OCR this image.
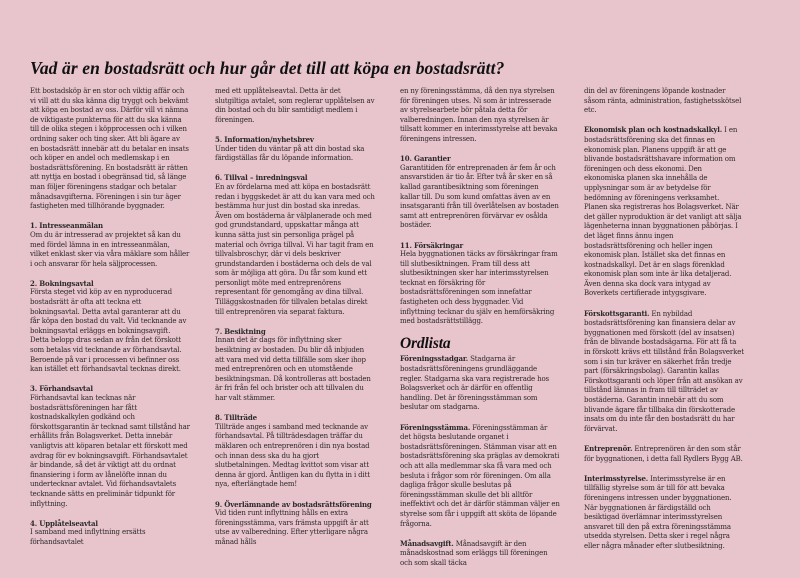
Vad är en bostadsrätt och hur går det till att köpa en bostadsrätt?

Ett bostadsköp är en stor och viktig affär och vi vill att du ska känna dig tryggt och bekvämt att köpa en bostad av oss. Därför vill vi nämna de viktigaste punkterna för att du ska känna till de olika stegen i köpprocessen och i vilken ordning saker och ting sker. Att bli ägare av en bostadsrätt innebär att du betalar en insats och köper en andel och medlemskap i en bostadsrättsförening. En bostadsrätt är rätten att nyttja en bostad i obegränsad tid, så länge man följer föreningens stadgar och betalar månadsavgifterna. Föreningen i sin tur äger fastigheten med tillhörande byggnader.

1. Intresseanmälan

Om du är intresserad av projektet så kan du med fördel lämna in en intresseanmälan, vilket enklast sker via våra mäklare som håller i och ansvarar för hela säljprocessen.

2. Bokningsavtal

Första steget vid köp av en nyproducerad bostadsrätt är ofta att teckna ett bokningsavtal. Detta avtal garanterar att du får köpa den bostad du valt. Vid tecknande av bokningsavtal erläggs en bokningsavgift. Detta belopp dras sedan av från det förskott som betalas vid tecknande av förhandsavtal. Beroende på var i processen vi befinner oss kan istället ett förhandsavtal tecknas direkt.

3. Förhandsavtal

Förhandsavtal kan tecknas när bostadsrättsföreningen har fått kostnadskalkylen godkänd och förskottsgarantin är tecknad samt tillstånd har erhållits från Bolagsverket. Detta innebär vanligtvis att köparen betalar ett förskott med avdrag för ev bokningsavgift. Förhandsavtalet är bindande, så det är viktigt att du ordnat finansiering i form av lånelöfte innan du undertecknar avtalet. Vid förhandsavtalets tecknande sätts en preliminär tidpunkt för inflyttning.

4. Upplåtelseavtal

I samband med inflyttning ersätts förhandsavtalet

med ett upplåtelseavtal. Detta är det slutgiltiga avtalet, som reglerar upplåtelsen av din bostad och du blir samtidigt medlem i föreningen.

5. Information/nyhetsbrev

Under tiden du väntar på att din bostad ska färdigställas får du löpande information.

6. Tillval – inredningsval

En av fördelarna med att köpa en bostadsrätt redan i byggskedet är att du kan vara med och bestämma hur just din bostad ska inredas. Även om bostäderna är välplanerade och med god grundstandard, uppskattar många att kunna sätta just sin personliga prägel på material och övriga tillval. Vi har tagit fram en tillvalsbroschyr, där vi dels beskriver grundstandarden i bostäderna och dels de val som är möjliga att göra. Du får som kund ett personligt möte med entreprenörens representant för genomgång av dina tillval. Tilläggskostnaden för tillvalen betalas direkt till entreprenören via separat faktura.

7. Besiktning

Innan det är dags för inflyttning sker besiktning av bostaden. Du blir då inbjuden att vara med vid detta tillfälle som sker ihop med entreprenören och en utomstående besiktningsman. Då kontrolleras att bostaden är fri från fel och brister och att tillvalen du har valt stämmer.

8. Tillträde

Tillträde anges i samband med tecknande av förhandsavtal. På tillträdesdagen träffar du mäklaren och entreprenören i din nya bostad och innan dess ska du ha gjort slutbetalningen. Medtag kvittot som visar att denna är gjord. Äntligen kan du flytta in i ditt nya, efterlängtade hem!

9. Överlämnande av bostadsrättsförening

Vid tiden runt inflyttning hålls en extra föreningsstämma, vars främsta uppgift är att utse av valberedning. Efter ytterligare några månad hålls

en ny föreningsstämma, då den nya styrelsen för föreningen utses. Ni som är intresserade av styrelsearbete bör påtala detta för valberedningen. Innan den nya styrelsen är tillsatt kommer en interimsstyrelse att bevaka föreningens intressen.

10. Garantier

Garantitiden för entreprenaden är fem år och ansvarstiden är tio år. Efter två år sker en så kallad garantibesiktning som föreningen kallar till. Du som kund omfattas även av en insatsgaranti från till överlåtelsen av bostaden samt att entreprenören förvärvar ev osålda bostäder.

11. Försäkringar

Hela byggnationen täcks av försäkringar fram till slutbesiktningen. Fram till dess att slutbesiktningen sker har interimsstyrelsen tecknat en försäkring för bostadsrättsföreningen som innefattar fastigheten och dess byggnader. Vid inflyttning tecknar du själv en hemförsäkring med bostadsrättstillägg.

Ordlista

Föreningsstadgar. Stadgarna är bostadsrättsföreningens grundläggande regler. Stadgarna ska vara registrerade hos Bolagsverket och är därför en offentlig handling. Det är föreningsstämman som beslutar om stadgarna.

Föreningsstämma. Föreningsstämman är det högsta beslutande organet i bostadsrättsföreningen. Stämman visar att en bostadsrättsförening ska präglas av demokrati och att alla medlemmar ska få vara med och besluta i frågor som rör föreningen. Om alla dagliga frågor skulle beslutas på föreningsstämman skulle det bli alltför ineffektivt och det är därför stämman väljer en styrelse som får i uppgift att sköta de löpande frågorna.

Månadsavgift. Månadsavgift är den månadskostnad som erläggs till föreningen och som skall täcka

din del av föreningens löpande kostnader såsom ränta, administration, fastighetsskötsel etc.

Ekonomisk plan och kostnadskalkyl. I en bostadsrättsförening ska det finnas en ekonomisk plan. Planens uppgift är att ge blivande bostadsrättshavare information om föreningen och dess ekonomi. Den ekonomiska planen ska innehålla de upplysningar som är av betydelse för bedömning av föreningens verksamhet. Planen ska registreras hos Bolagsverket. När det gäller nyproduktion är det vanligt att sälja lägenheterna innan byggnationen påbörjas. I det läget finns ännu ingen bostadsrättsförening och heller ingen ekonomisk plan. Istället ska det finnas en kostnadskalkyl. Det är en slags förenklad ekonomisk plan som inte är lika detaljerad. Även denna ska dock vara intygad av Boverkets certifierade intygsgivare.

Förskottsgaranti. En nybildad bostadsrättsförening kan finansiera delar av byggnationen med förskott (del av insatsen) från de blivande bostadsägarna. För att få ta in förskott krävs ett tillstånd från Bolagsverket som i sin tur kräver en säkerhet från tredje part (försäkringsbolag). Garantin kallas Förskottsgaranti och löper från att ansökan av tillstånd lämnas in fram till tillträdet av bostäderna. Garantin innebär att du som blivande ägare får tillbaka din förskotterade insats om du inte får den bostadsrätt du har förvärvat.

Entreprenör. Entreprenören är den som står för byggnationen, i detta fall Rydlers Bygg AB.

Interimsstyrelse. Interimsstyrelse är en tillfällig styrelse som är till för att bevaka föreningens intressen under byggnationen. När byggnationen är färdigställd och besiktigad överlämnar interimsstyrelsen ansvaret till den på extra föreningsstämma utsedda styrelsen. Detta sker i regel några eller några månader efter slutbesiktning.
